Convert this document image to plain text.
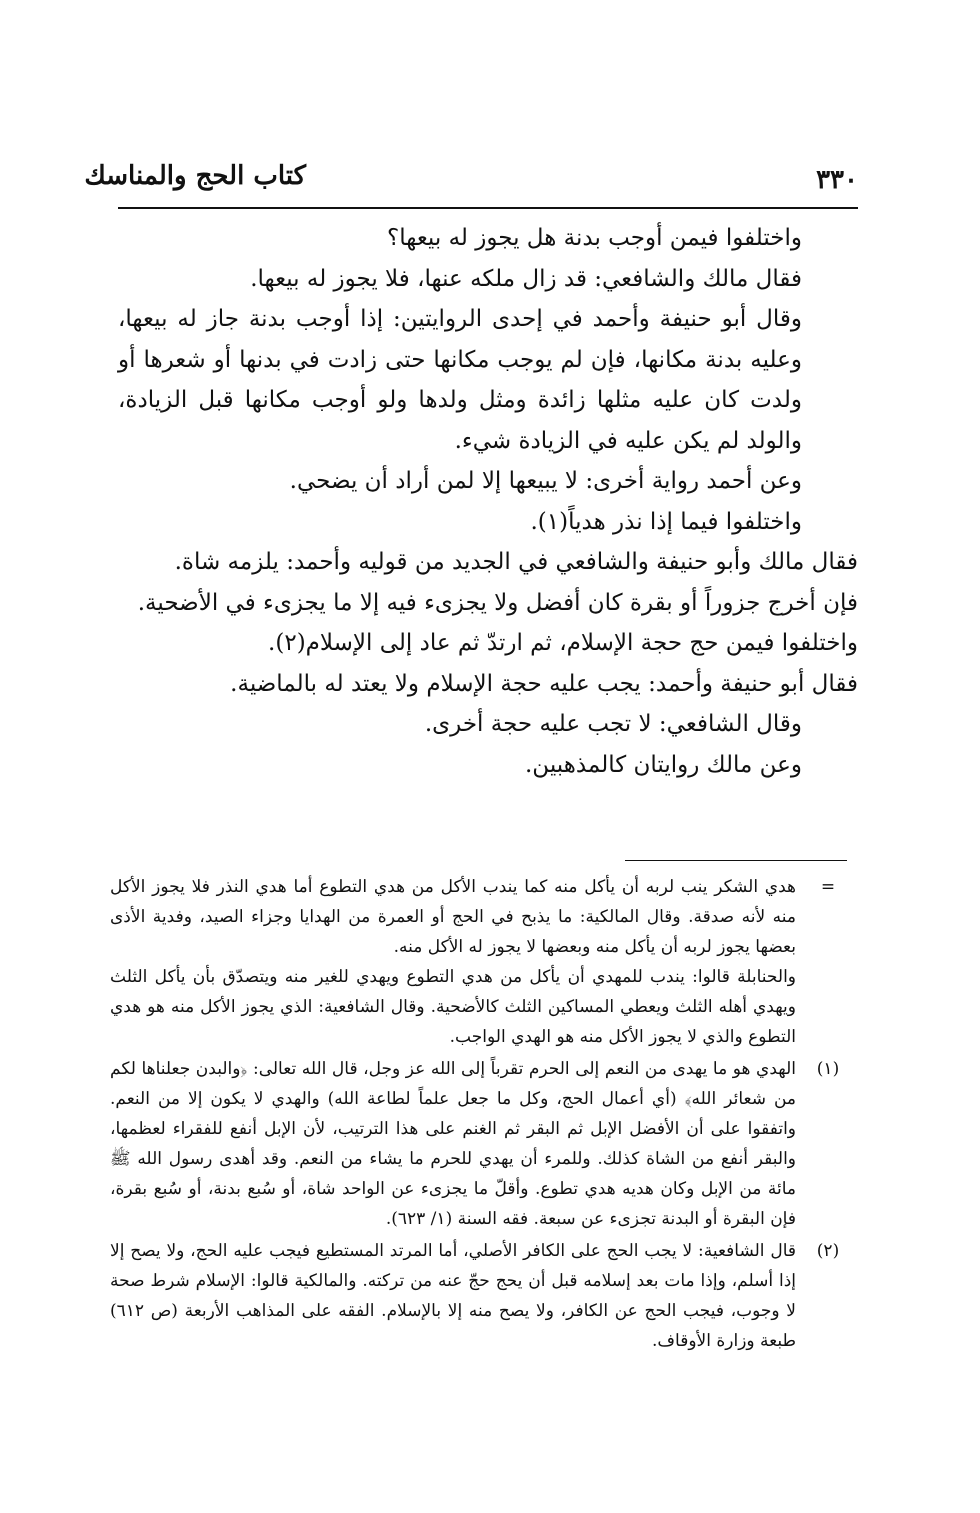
٣٣٠
كتاب الحج والمناسك

واختلفوا فيمن أوجب بدنة هل يجوز له بيعها؟

فقال مالك والشافعي: قد زال ملكه عنها، فلا يجوز له بيعها.

وقال أبو حنيفة وأحمد في إحدى الروايتين: إذا أوجب بدنة جاز له بيعها، وعليه بدنة مكانها، فإن لم يوجب مكانها حتى زادت في بدنها أو شعرها أو ولدت كان عليه مثلها زائدة ومثل ولدها ولو أوجب مكانها قبل الزيادة، والولد لم يكن عليه في الزيادة شيء.

وعن أحمد رواية أخرى: لا يبيعها إلا لمن أراد أن يضحي.

واختلفوا فيما إذا نذر هدياً(١).

فقال مالك وأبو حنيفة والشافعي في الجديد من قوليه وأحمد: يلزمه شاة.

فإن أخرج جزوراً أو بقرة كان أفضل ولا يجزىء فيه إلا ما يجزىء في الأضحية.

واختلفوا فيمن حج حجة الإسلام، ثم ارتدّ ثم عاد إلى الإسلام(٢).

فقال أبو حنيفة وأحمد: يجب عليه حجة الإسلام ولا يعتد له بالماضية.

وقال الشافعي: لا تجب عليه حجة أخرى.

وعن مالك روايتان كالمذهبين.

=

هدي الشكر ينب لربه أن يأكل منه كما يندب الأكل من هدي التطوع أما هدي النذر فلا يجوز الأكل منه لأنه صدقة. وقال المالكية: ما يذبح في الحج أو العمرة من الهدايا وجزاء الصيد، وفدية الأذى بعضها يجوز لربه أن يأكل منه وبعضها لا يجوز له الأكل منه.

والحنابلة قالوا: يندب للمهدي أن يأكل من هدي التطوع ويهدي للغير منه ويتصدّق بأن يأكل الثلث ويهدي أهله الثلث ويعطي المساكين الثلث كالأضحية. وقال الشافعية: الذي يجوز الأكل منه هو هدي التطوع والذي لا يجوز الأكل منه هو الهدي الواجب.

(١)

الهدي هو ما يهدى من النعم إلى الحرم تقرباً إلى الله عز وجل، قال الله تعالى: ﴿والبدن جعلناها لكم من شعائر الله﴾ (أي أعمال الحج، وكل ما جعل علماً لطاعة الله) والهدي لا يكون إلا من النعم. واتفقوا على أن الأفضل الإبل ثم البقر ثم الغنم على هذا الترتيب، لأن الإبل أنفع للفقراء لعظمها، والبقر أنفع من الشاة كذلك. وللمرء أن يهدي للحرم ما يشاء من النعم. وقد أهدى رسول الله ﷺ مائة من الإبل وكان هديه هدي تطوع. وأقلّ ما يجزىء عن الواحد شاة، أو سُبع بدنة، أو سُبع بقرة، فإن البقرة أو البدنة تجزىء عن سبعة. فقه السنة (١/ ٦٢٣).

(٢)

قال الشافعية: لا يجب الحج على الكافر الأصلي، أما المرتد المستطيع فيجب عليه الحج، ولا يصح إلا إذا أسلم، وإذا مات بعد إسلامه قبل أن يحج حجّ عنه من تركته. والمالكية قالوا: الإسلام شرط صحة لا وجوب، فيجب الحج عن الكافر، ولا يصح منه إلا بالإسلام. الفقه على المذاهب الأربعة (ص ٦١٢) طبعة وزارة الأوقاف.
